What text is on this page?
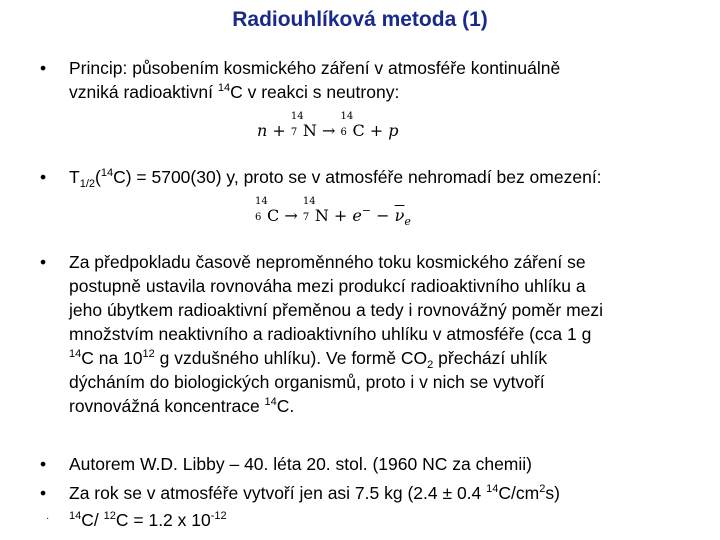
Radiouhlíková metoda (1)
• Princip: působením kosmického záření v atmosféře kontinuálně
vzniká radioaktivní $^{14}$C v reakci s neutrony:
n +
14
7 N →
14
6 C + p
• $T_{1/2}(^{14}C) = 5700(30)$ y, proto se v atmosféře nehromadí bez omezení:
14
6 C →
14
7 $N + e^- - \overline{\nu}_e$
• Za předpokladu časově neproměnného toku kosmického záření se
postupně ustavila rovnováha mezi produkcí radioaktivního uhlíku a
jeho úbytkem radioaktivní přeměnou a tedy i rovnovážný poměr mezi
množstvím neaktivního a radioaktivního uhlíku v atmosféře (cca 1 g
$^{14}$C na $10^{12}$ g vzdušného uhlíku). Ve formě $CO_2$ přechází uhlík
dýcháním do biologických organismů, proto i v nich se vytvoří
rovnovážná koncentrace $^{14}$C.
• Autorem W.D. Libby – 40. léta 20. stol. (1960 NC za chemii)
• Za rok se v atmosféře vytvoří jen asi 7.5 kg (2.4 ± 0.4 $^{14}C/cm^2s$)
· $^{14}$C/ $^{12}$C = 1.2 x $10^{-12}$
